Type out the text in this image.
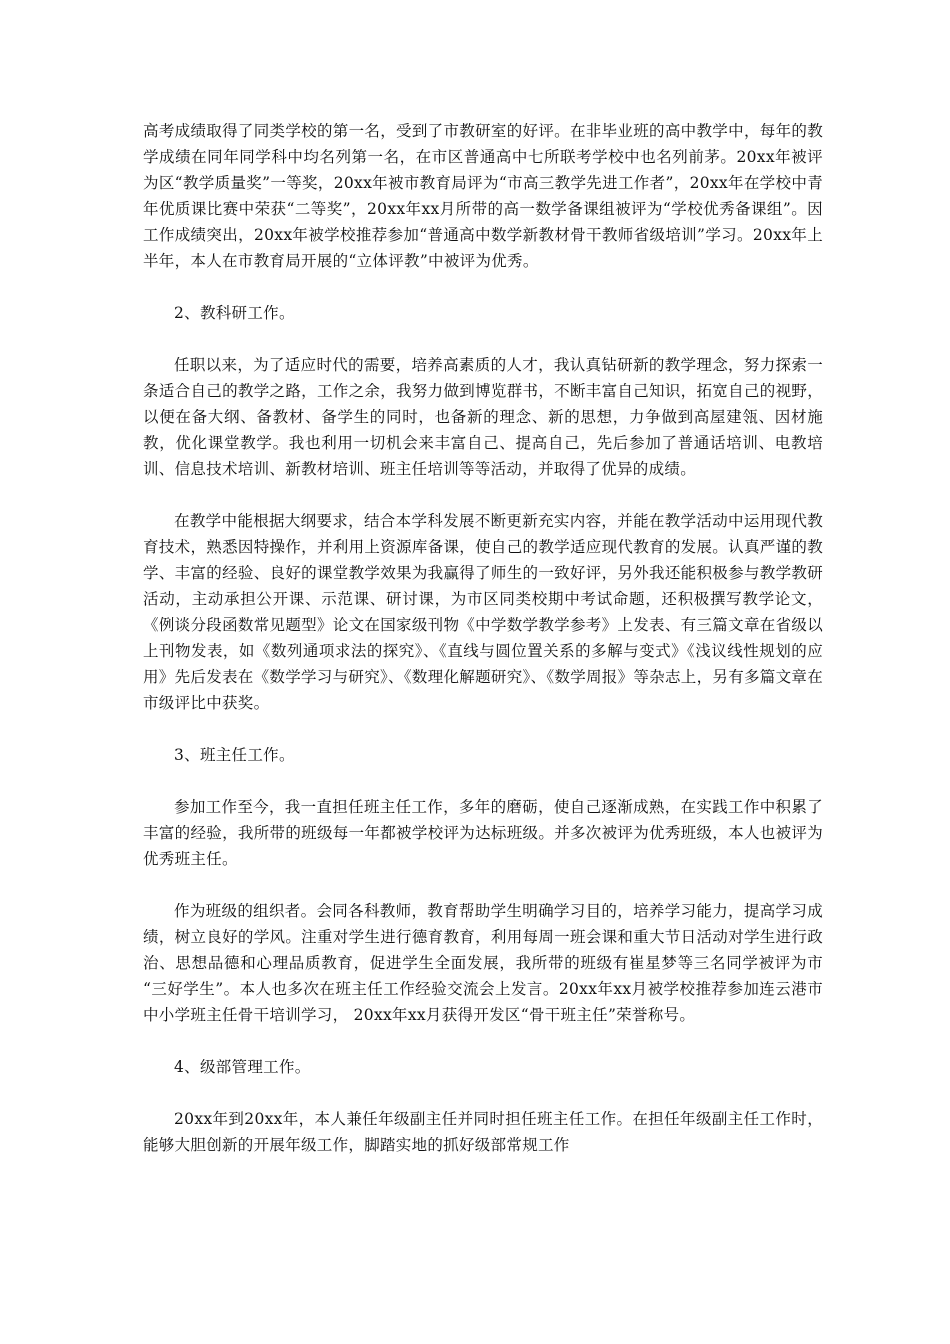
高考成绩取得了同类学校的第一名，受到了市教研室的好评。在非毕业班的高中教学中，每年的教学成绩在同年同学科中均名列第一名，在市区普通高中七所联考学校中也名列前茅。20xx年被评为区“教学质量奖”一等奖，20xx年被市教育局评为“市高三教学先进工作者”，20xx年在学校中青年优质课比赛中荣获“二等奖”，20xx年xx月所带的高一数学备课组被评为“学校优秀备课组”。因工作成绩突出，20xx年被学校推荐参加“普通高中数学新教材骨干教师省级培训”学习。20xx年上半年，本人在市教育局开展的“立体评教”中被评为优秀。

2、教科研工作。

任职以来，为了适应时代的需要，培养高素质的人才，我认真钻研新的教学理念，努力探索一条适合自己的教学之路，工作之余，我努力做到博览群书，不断丰富自己知识，拓宽自己的视野，以便在备大纲、备教材、备学生的同时，也备新的理念、新的思想，力争做到高屋建瓴、因材施教，优化课堂教学。我也利用一切机会来丰富自己、提高自己，先后参加了普通话培训、电教培训、信息技术培训、新教材培训、班主任培训等等活动，并取得了优异的成绩。

在教学中能根据大纲要求，结合本学科发展不断更新充实内容，并能在教学活动中运用现代教育技术，熟悉因特操作，并利用上资源库备课，使自己的教学适应现代教育的发展。认真严谨的教学、丰富的经验、良好的课堂教学效果为我赢得了师生的一致好评，另外我还能积极参与教学教研活动，主动承担公开课、示范课、研讨课，为市区同类校期中考试命题，还积极撰写教学论文，《例谈分段函数常见题型》论文在国家级刊物《中学数学教学参考》上发表、有三篇文章在省级以上刊物发表，如《数列通项求法的探究》、《直线与圆位置关系的多解与变式》《浅议线性规划的应用》先后发表在《数学学习与研究》、《数理化解题研究》、《数学周报》等杂志上，另有多篇文章在市级评比中获奖。

3、班主任工作。

参加工作至今，我一直担任班主任工作，多年的磨砺，使自己逐渐成熟，在实践工作中积累了丰富的经验，我所带的班级每一年都被学校评为达标班级。并多次被评为优秀班级，本人也被评为优秀班主任。

作为班级的组织者。会同各科教师，教育帮助学生明确学习目的，培养学习能力，提高学习成绩，树立良好的学风。注重对学生进行德育教育，利用每周一班会课和重大节日活动对学生进行政治、思想品德和心理品质教育，促进学生全面发展，我所带的班级有崔星梦等三名同学被评为市 “三好学生”。本人也多次在班主任工作经验交流会上发言。20xx年xx月被学校推荐参加连云港市中小学班主任骨干培训学习， 20xx年xx月获得开发区“骨干班主任”荣誉称号。

4、级部管理工作。

20xx年到20xx年，本人兼任年级副主任并同时担任班主任工作。在担任年级副主任工作时，能够大胆创新的开展年级工作，脚踏实地的抓好级部常规工作
